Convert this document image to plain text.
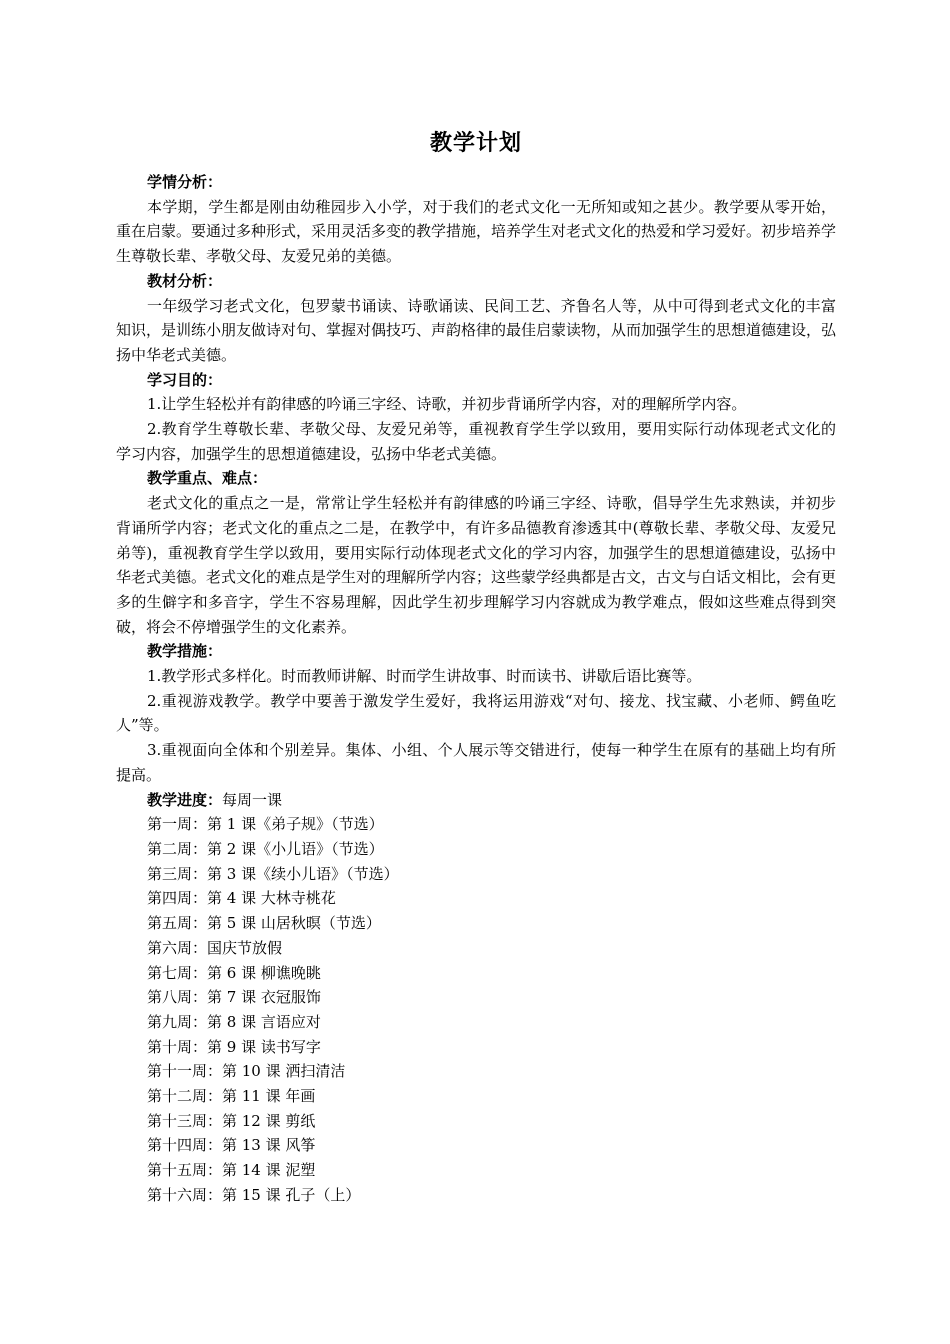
教学计划

学情分析：

本学期，学生都是刚由幼稚园步入小学，对于我们的老式文化一无所知或知之甚少。教学要从零开始，重在启蒙。要通过多种形式，采用灵活多变的教学措施，培养学生对老式文化的热爱和学习爱好。初步培养学生尊敬长辈、孝敬父母、友爱兄弟的美德。

教材分析：

一年级学习老式文化，包罗蒙书诵读、诗歌诵读、民间工艺、齐鲁名人等，从中可得到老式文化的丰富知识，是训练小朋友做诗对句、掌握对偶技巧、声韵格律的最佳启蒙读物，从而加强学生的思想道德建设，弘扬中华老式美德。

学习目的：

1.让学生轻松并有韵律感的吟诵三字经、诗歌，并初步背诵所学内容，对的理解所学内容。

2.教育学生尊敬长辈、孝敬父母、友爱兄弟等，重视教育学生学以致用，要用实际行动体现老式文化的学习内容，加强学生的思想道德建设，弘扬中华老式美德。

教学重点、难点：

老式文化的重点之一是，常常让学生轻松并有韵律感的吟诵三字经、诗歌，倡导学生先求熟读，并初步背诵所学内容；老式文化的重点之二是，在教学中，有许多品德教育渗透其中(尊敬长辈、孝敬父母、友爱兄弟等)，重视教育学生学以致用，要用实际行动体现老式文化的学习内容，加强学生的思想道德建设，弘扬中华老式美德。老式文化的难点是学生对的理解所学内容；这些蒙学经典都是古文，古文与白话文相比，会有更多的生僻字和多音字，学生不容易理解，因此学生初步理解学习内容就成为教学难点，假如这些难点得到突破，将会不停增强学生的文化素养。

教学措施：

1.教学形式多样化。时而教师讲解、时而学生讲故事、时而读书、讲歇后语比赛等。

2.重视游戏教学。教学中要善于激发学生爱好，我将运用游戏“对句、接龙、找宝藏、小老师、鳄鱼吃人”等。

3.重视面向全体和个别差异。集体、小组、个人展示等交错进行，使每一种学生在原有的基础上均有所提高。

教学进度：每周一课

第一周：第 1 课《弟子规》（节选）

第二周：第 2 课《小儿语》（节选）

第三周：第 3 课《续小儿语》（节选）

第四周：第 4 课 大林寺桃花

第五周：第 5 课 山居秋暝（节选）

第六周：国庆节放假

第七周：第 6 课 柳谯晚眺

第八周：第 7 课 衣冠服饰

第九周：第 8 课 言语应对

第十周：第 9 课 读书写字

第十一周：第 10 课 洒扫清洁

第十二周：第 11 课 年画

第十三周：第 12 课 剪纸

第十四周：第 13 课 风筝

第十五周：第 14 课 泥塑

第十六周：第 15 课 孔子（上）
